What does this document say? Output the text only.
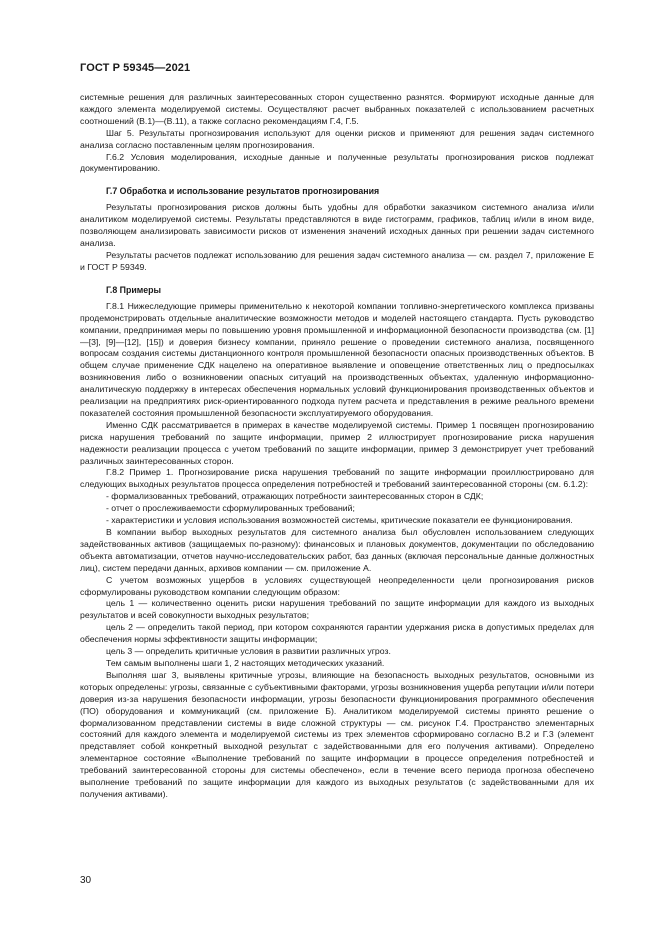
ГОСТ Р 59345—2021

системные решения для различных заинтересованных сторон существенно разнятся. Формируют исходные данные для каждого элемента моделируемой системы. Осуществляют расчет выбранных показателей с использованием расчетных соотношений (В.1)—(В.11), а также согласно рекомендациям Г.4, Г.5.

Шаг 5. Результаты прогнозирования используют для оценки рисков и применяют для решения задач системного анализа согласно поставленным целям прогнозирования.

Г.6.2 Условия моделирования, исходные данные и полученные результаты прогнозирования рисков подлежат документированию.

Г.7 Обработка и использование результатов прогнозирования

Результаты прогнозирования рисков должны быть удобны для обработки заказчиком системного анализа и/или аналитиком моделируемой системы. Результаты представляются в виде гистограмм, графиков, таблиц и/или в ином виде, позволяющем анализировать зависимости рисков от изменения значений исходных данных при решении задач системного анализа.

Результаты расчетов подлежат использованию для решения задач системного анализа — см. раздел 7, приложение Е и ГОСТ Р 59349.

Г.8 Примеры

Г.8.1 Нижеследующие примеры применительно к некоторой компании топливно-энергетического комплекса призваны продемонстрировать отдельные аналитические возможности методов и моделей настоящего стандарта. Пусть руководство компании, предпринимая меры по повышению уровня промышленной и информационной безопасности производства (см. [1]—[3], [9]—[12], [15]) и доверия бизнесу компании, приняло решение о проведении системного анализа, посвященного вопросам создания системы дистанционного контроля промышленной безопасности опасных производственных объектов. В общем случае применение СДК нацелено на оперативное выявление и оповещение ответственных лиц о предпосылках возникновения либо о возникновении опасных ситуаций на производственных объектах, удаленную информационно-аналитическую поддержку в интересах обеспечения нормальных условий функционирования производственных объектов и реализации на предприятиях риск-ориентированного подхода путем расчета и представления в режиме реального времени показателей состояния промышленной безопасности эксплуатируемого оборудования.

Именно СДК рассматривается в примерах в качестве моделируемой системы. Пример 1 посвящен прогнозированию риска нарушения требований по защите информации, пример 2 иллюстрирует прогнозирование риска нарушения надежности реализации процесса с учетом требований по защите информации, пример 3 демонстрирует учет требований различных заинтересованных сторон.

Г.8.2 Пример 1. Прогнозирование риска нарушения требований по защите информации проиллюстрировано для следующих выходных результатов процесса определения потребностей и требований заинтересованной стороны (см. 6.1.2):

- формализованных требований, отражающих потребности заинтересованных сторон в СДК;

- отчет о прослеживаемости сформулированных требований;

- характеристики и условия использования возможностей системы, критические показатели ее функционирования.

В компании выбор выходных результатов для системного анализа был обусловлен использованием следующих задействованных активов (защищаемых по-разному): финансовых и плановых документов, документации по обследованию объекта автоматизации, отчетов научно-исследовательских работ, баз данных (включая персональные данные должностных лиц), систем передачи данных, архивов компании — см. приложение А.

С учетом возможных ущербов в условиях существующей неопределенности цели прогнозирования рисков сформулированы руководством компании следующим образом:

цель 1 — количественно оценить риски нарушения требований по защите информации для каждого из выходных результатов и всей совокупности выходных результатов;

цель 2 — определить такой период, при котором сохраняются гарантии удержания риска в допустимых пределах для обеспечения нормы эффективности защиты информации;

цель 3 — определить критичные условия в развитии различных угроз.

Тем самым выполнены шаги 1, 2 настоящих методических указаний.

Выполняя шаг 3, выявлены критичные угрозы, влияющие на безопасность выходных результатов, основными из которых определены: угрозы, связанные с субъективными факторами, угрозы возникновения ущерба репутации и/или потери доверия из-за нарушения безопасности информации, угрозы безопасности функционирования программного обеспечения (ПО) оборудования и коммуникаций (см. приложение Б). Аналитиком моделируемой системы принято решение о формализованном представлении системы в виде сложной структуры — см. рисунок Г.4. Пространство элементарных состояний для каждого элемента и моделируемой системы из трех элементов сформировано согласно В.2 и Г.3 (элемент представляет собой конкретный выходной результат с задействованными для его получения активами). Определено элементарное состояние «Выполнение требований по защите информации в процессе определения потребностей и требований заинтересованной стороны для системы обеспечено», если в течение всего периода прогноза обеспечено выполнение требований по защите информации для каждого из выходных результатов (с задействованными для их получения активами).

30
